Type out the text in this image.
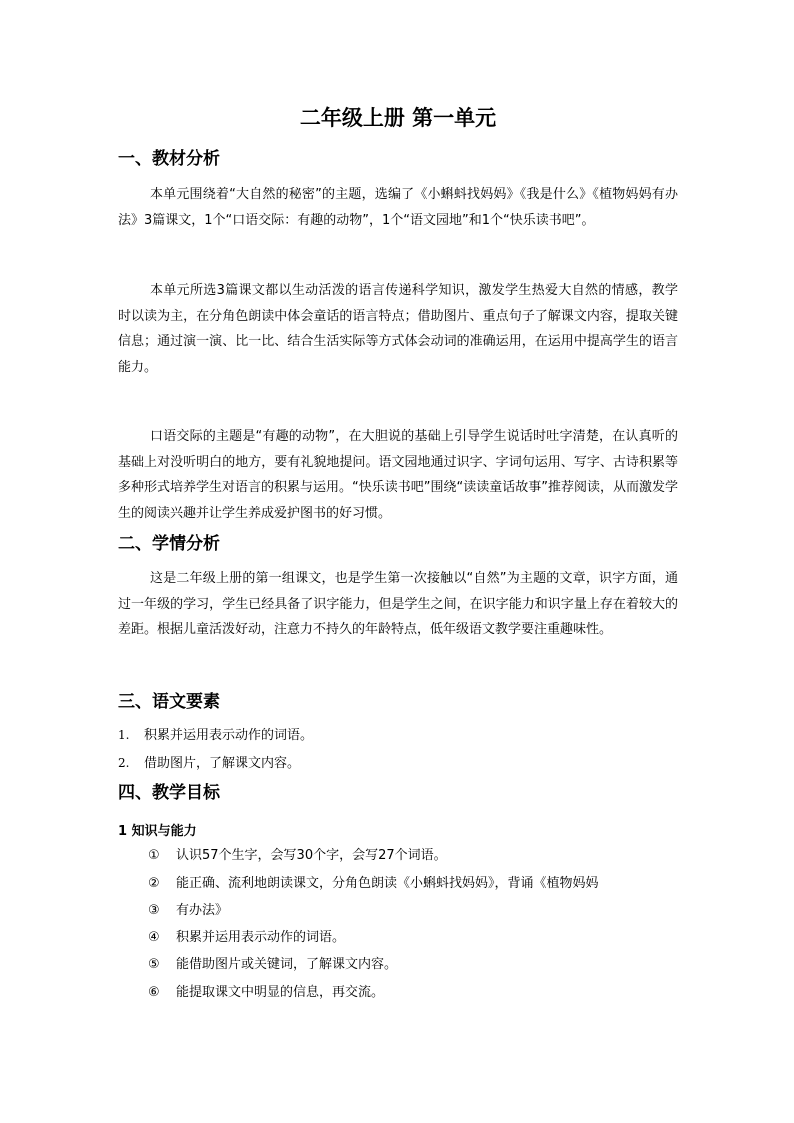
二年级上册 第一单元
一、教材分析
本单元围绕着“大自然的秘密”的主题，选编了《小蝌蚪找妈妈》《我是什么》《植物妈妈有办法》3篇课文，1个“口语交际：有趣的动物”，1个“语文园地”和1个“快乐读书吧”。
本单元所选3篇课文都以生动活泼的语言传递科学知识，激发学生热爱大自然的情感，教学时以读为主，在分角色朗读中体会童话的语言特点；借助图片、重点句子了解课文内容，提取关键信息；通过演一演、比一比、结合生活实际等方式体会动词的准确运用，在运用中提高学生的语言能力。
口语交际的主题是“有趣的动物”，在大胆说的基础上引导学生说话时吐字清楚，在认真听的基础上对没听明白的地方，要有礼貌地提问。语文园地通过识字、字词句运用、写字、古诗积累等多种形式培养学生对语言的积累与运用。“快乐读书吧”围绕“读读童话故事”推荐阅读，从而激发学生的阅读兴趣并让学生养成爱护图书的好习惯。
二、学情分析
这是二年级上册的第一组课文，也是学生第一次接触以“自然”为主题的文章，识字方面，通过一年级的学习，学生已经具备了识字能力，但是学生之间，在识字能力和识字量上存在着较大的差距。根据儿童活泼好动，注意力不持久的年龄特点，低年级语文教学要注重趣味性。
三、语文要素
1. 积累并运用表示动作的词语。
2. 借助图片，了解课文内容。
四、教学目标
1 知识与能力
① 认识57个生字，会写30个字，会写27个词语。
② 能正确、流利地朗读课文，分角色朗读《小蝌蚪找妈妈》，背诵《植物妈妈
③ 有办法》
④ 积累并运用表示动作的词语。
⑤ 能借助图片或关键词，了解课文内容。
⑥ 能提取课文中明显的信息，再交流。
